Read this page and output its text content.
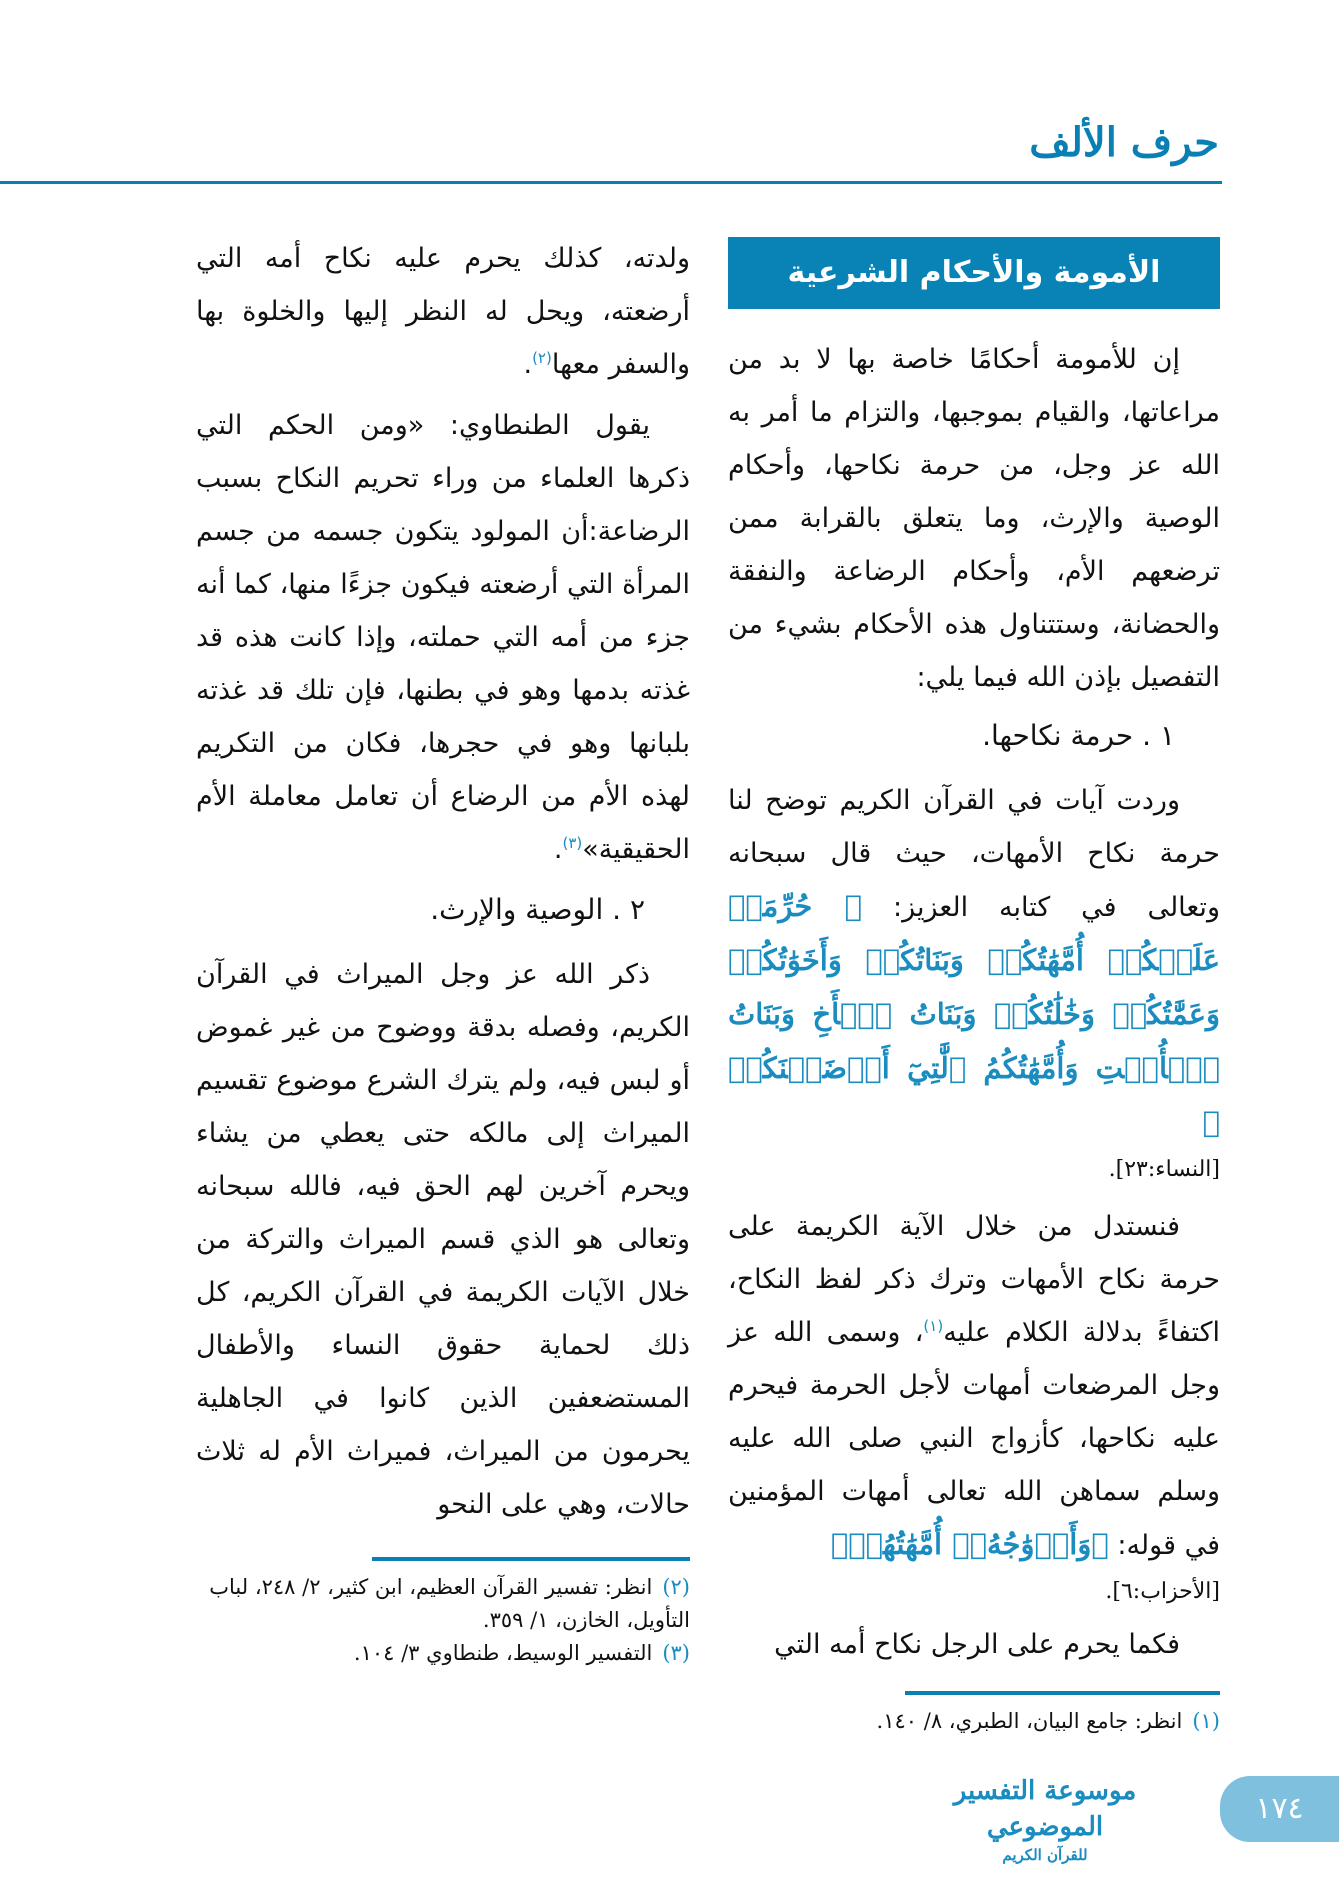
حرف الألف

ولدته، كذلك يحرم عليه نكاح أمه التي أرضعته، ويحل له النظر إليها والخلوة بها والسفر معها$^{(٢)}$.

يقول الطنطاوي: «ومن الحكم التي ذكرها العلماء من وراء تحريم النكاح بسبب الرضاعة:أن المولود يتكون جسمه من جسم المرأة التي أرضعته فيكون جزءًا منها، كما أنه جزء من أمه التي حملته، وإذا كانت هذه قد غذته بدمها وهو في بطنها، فإن تلك قد غذته بلبانها وهو في حجرها، فكان من التكريم لهذه الأم من الرضاع أن تعامل معاملة الأم الحقيقية»$^{(٣)}$.

٢ . الوصية والإرث.

ذكر الله عز وجل الميراث في القرآن الكريم، وفصله بدقة ووضوح من غير غموض أو لبس فيه، ولم يترك الشرع موضوع تقسيم الميراث إلى مالكه حتى يعطي من يشاء ويحرم آخرين لهم الحق فيه، فالله سبحانه وتعالى هو الذي قسم الميراث والتركة من خلال الآيات الكريمة في القرآن الكريم، كل ذلك لحماية حقوق النساء والأطفال المستضعفين الذين كانوا في الجاهلية يحرمون من الميراث، فميراث الأم له ثلاث حالات، وهي على النحو

(٢)انظر: تفسير القرآن العظيم، ابن كثير، ٢/ ٢٤٨، لباب التأويل، الخازن، ١/ ٣٥٩.
(٣)التفسير الوسيط، طنطاوي ٣/ ١٠٤.
الأمومة والأحكام الشرعية

إن للأمومة أحكامًا خاصة بها لا بد من مراعاتها، والقيام بموجبها، والتزام ما أمر به الله عز وجل، من حرمة نكاحها، وأحكام الوصية والإرث، وما يتعلق بالقرابة ممن ترضعهم الأم، وأحكام الرضاعة والنفقة والحضانة، وستتناول هذه الأحكام بشيء من التفصيل بإذن الله فيما يلي:

١ . حرمة نكاحها.

وردت آيات في القرآن الكريم توضح لنا حرمة نكاح الأمهات، حيث قال سبحانه وتعالى في كتابه العزيز: ﴿ حُرِّمَتۡ عَلَيۡكُمۡ أُمَّهَٰتُكُمۡ وَبَنَاتُكُمۡ وَأَخَوَٰتُكُمۡ وَعَمَّٰتُكُمۡ وَخَٰلَٰتُكُمۡ وَبَنَاتُ ٱلۡأَخِ وَبَنَاتُ ٱلۡأُخۡتِ وَأُمَّهَٰتُكُمُ ٱلَّٰتِيٓ أَرۡضَعۡنَكُمۡ ﴾

[النساء:٢٣].

فنستدل من خلال الآية الكريمة على حرمة نكاح الأمهات وترك ذكر لفظ النكاح، اكتفاءً بدلالة الكلام عليه$^{(١)}$، وسمى الله عز وجل المرضعات أمهات لأجل الحرمة فيحرم عليه نكاحها، كأزواج النبي صلى الله عليه وسلم سماهن الله تعالى أمهات المؤمنين في قوله: ﴿وَأَزۡوَٰجُهُۥٓ أُمَّهَٰتُهُمۡ﴾

[الأحزاب:٦].

فكما يحرم على الرجل نكاح أمه التي

(١)انظر: جامع البيان، الطبري، ٨/ ١٤٠.
موسوعة التفسير الموضوعي
للقرآن الكريم
١٧٤
